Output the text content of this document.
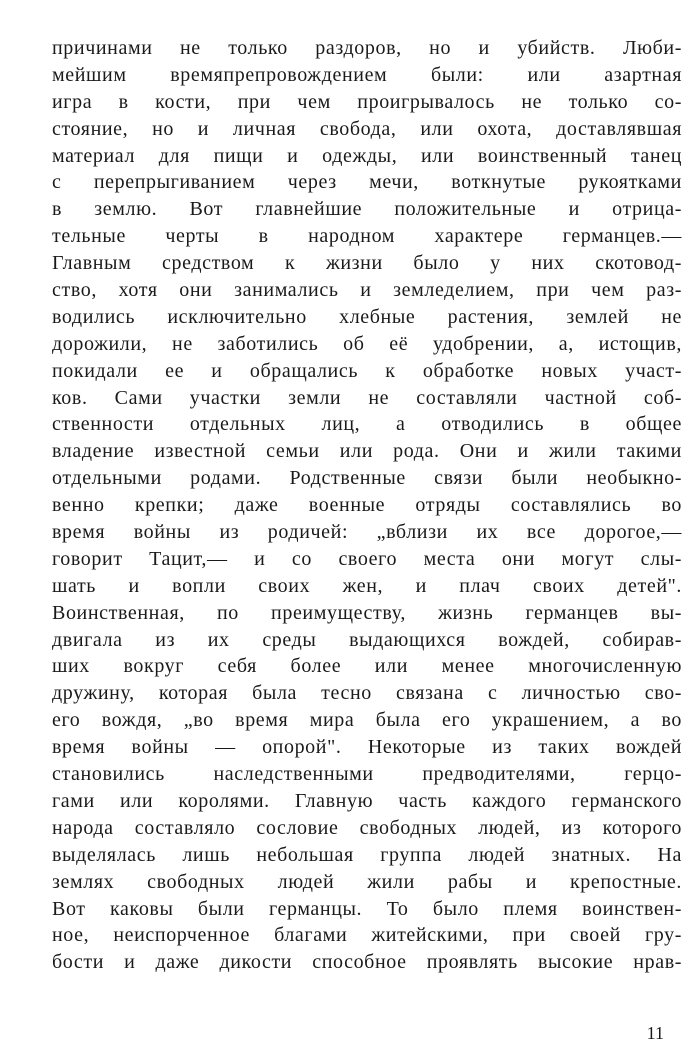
причинами не только раздоров, но и убийств. Люби-
мейшим времяпрепровождением были: или азартная
игра в кости, при чем проигрывалось не только со-
стояние, но и личная свобода, или охота, доставлявшая
материал для пищи и одежды, или воинственный танец
с перепрыгиванием через мечи, воткнутые рукоятками
в землю. Вот главнейшие положительные и отрица-
тельные черты в народном характере германцев.—
Главным средством к жизни было у них скотовод-
ство, хотя они занимались и земледелием, при чем раз-
водились исключительно хлебные растения, землей не
дорожили, не заботились об её удобрении, а, истощив,
покидали ее и обращались к обработке новых участ-
ков. Сами участки земли не составляли частной соб-
ственности отдельных лиц, а отводились в общее
владение известной семьи или рода. Они и жили такими
отдельными родами. Родственные связи были необыкно-
венно крепки; даже военные отряды составлялись во
время войны из родичей: „вблизи их все дорогое,—
говорит Тацит,— и со своего места они могут слы-
шать и вопли своих жен, и плач своих детей".
Воинственная, по преимуществу, жизнь германцев вы-
двигала из их среды выдающихся вождей, собирав-
ших вокруг себя более или менее многочисленную
дружину, которая была тесно связана с личностью сво-
его вождя, „во время мира была его украшением, а во
время войны — опорой". Некоторые из таких вождей
становились наследственными предводителями, герцо-
гами или королями. Главную часть каждого германского
народа составляло сословие свободных людей, из которого
выделялась лишь небольшая группа людей знатных. На
землях свободных людей жили рабы и крепостные.
Вот каковы были германцы. То было племя воинствен-
ное, неиспорченное благами житейскими, при своей гру-
бости и даже дикости способное проявлять высокие нрав-
11
